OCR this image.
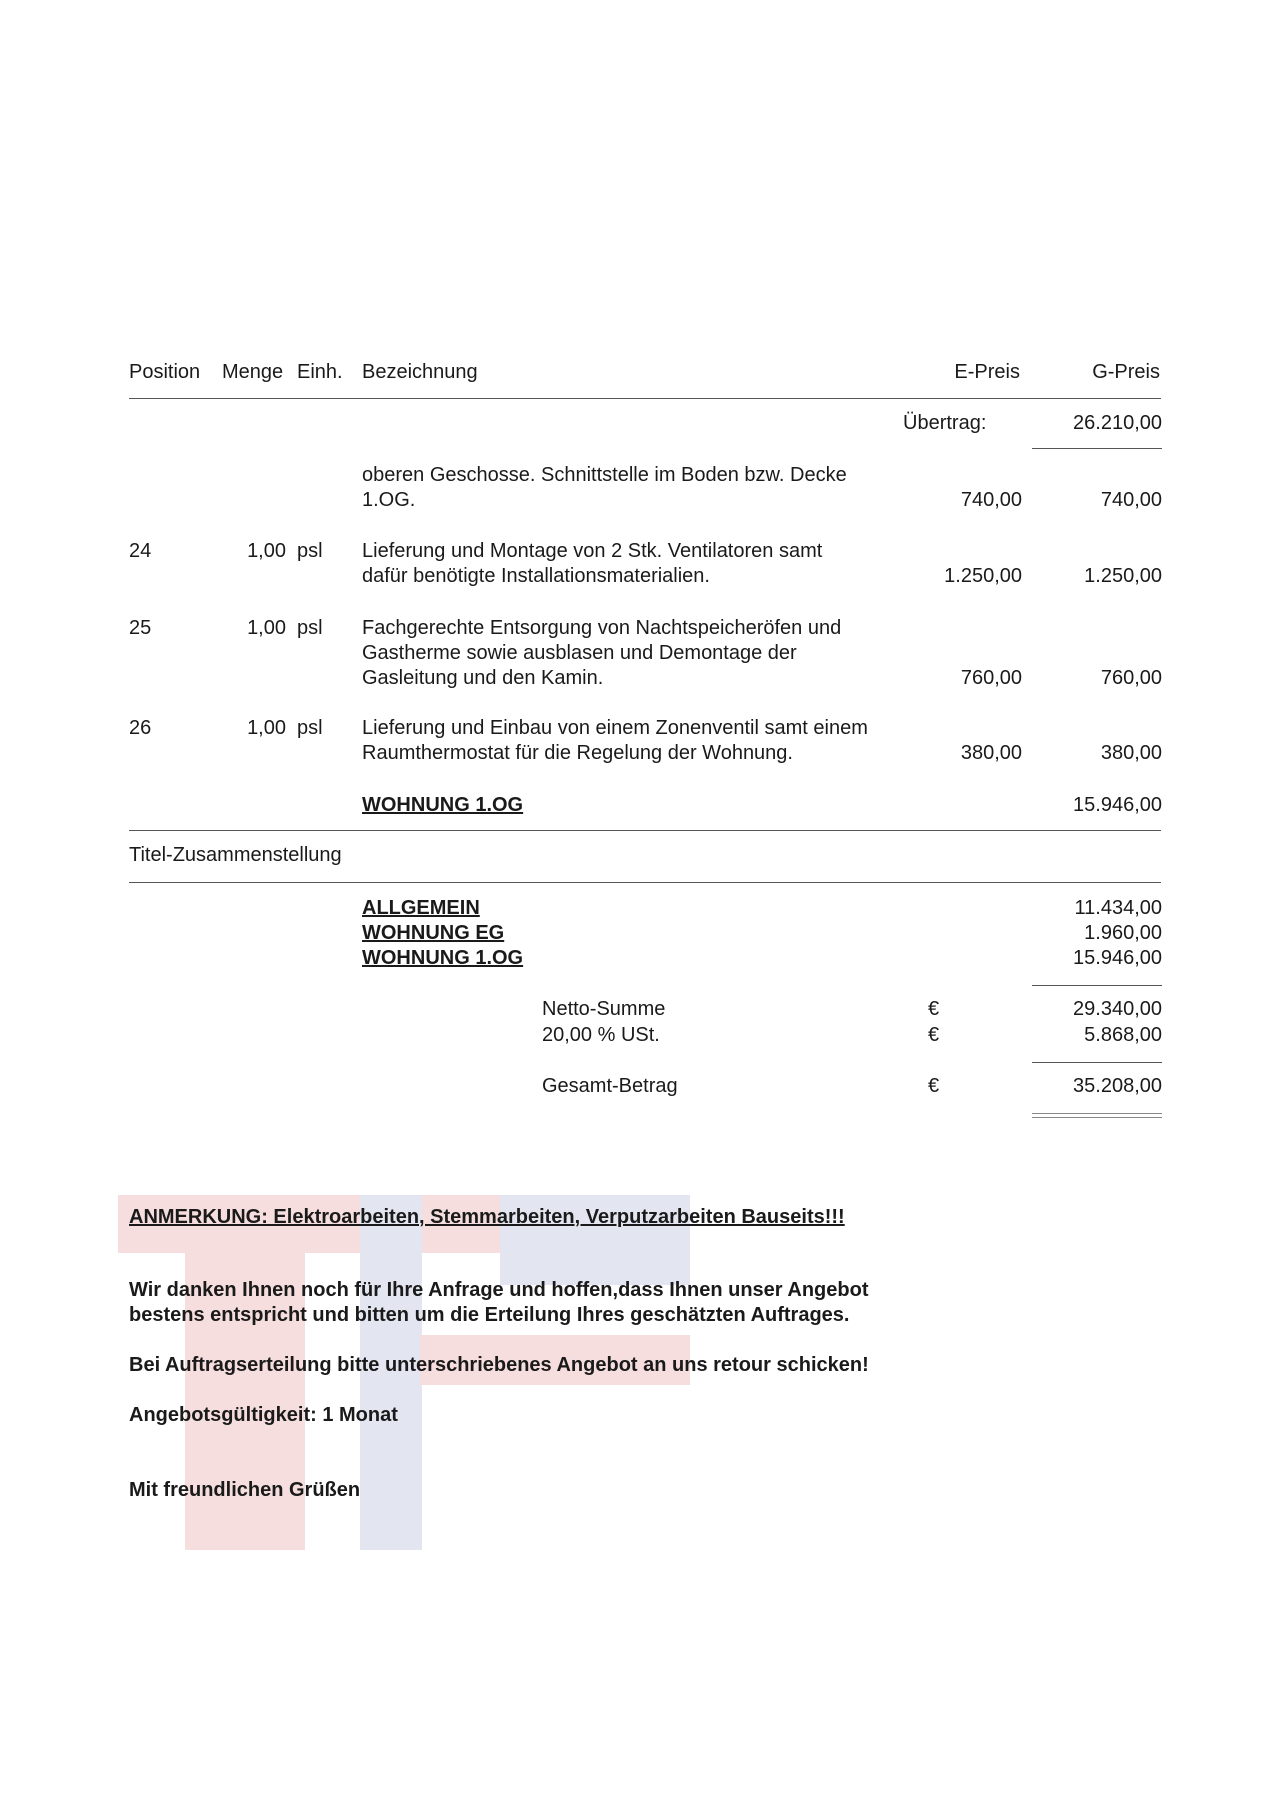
Position Menge Einh. Bezeichnung	E-Preis	G-Preis
Übertrag:	26.210,00
oberen Geschosse. Schnittstelle im Boden bzw. Decke
1.OG.	740,00	740,00
24	1,00 psl Lieferung und Montage von 2 Stk. Ventilatoren samt
dafür benötigte Installationsmaterialien.	1.250,00	1.250,00
25	1,00 psl Fachgerechte Entsorgung von Nachtspeicheröfen und
Gastherme sowie ausblasen und Demontage der
Gasleitung und den Kamin.	760,00	760,00
26	1,00 psl Lieferung und Einbau von einem Zonenventil samt einem
Raumthermostat für die Regelung der Wohnung.	380,00	380,00
WOHNUNG 1.OG	15.946,00
Titel-Zusammenstellung
ALLGEMEIN	11.434,00
WOHNUNG EG	1.960,00
WOHNUNG 1.OG	15.946,00
Netto-Summe	€	29.340,00
20,00 % USt.	€	5.868,00
Gesamt-Betrag	€	35.208,00
ANMERKUNG: Elektroarbeiten, Stemmarbeiten, Verputzarbeiten Bauseits!!!
Wir danken Ihnen noch für Ihre Anfrage und hoffen,dass Ihnen unser Angebot
bestens entspricht und bitten um die Erteilung Ihres geschätzten Auftrages.
Bei Auftragserteilung bitte unterschriebenes Angebot an uns retour schicken!
Angebotsgültigkeit: 1 Monat
Mit freundlichen Grüßen
